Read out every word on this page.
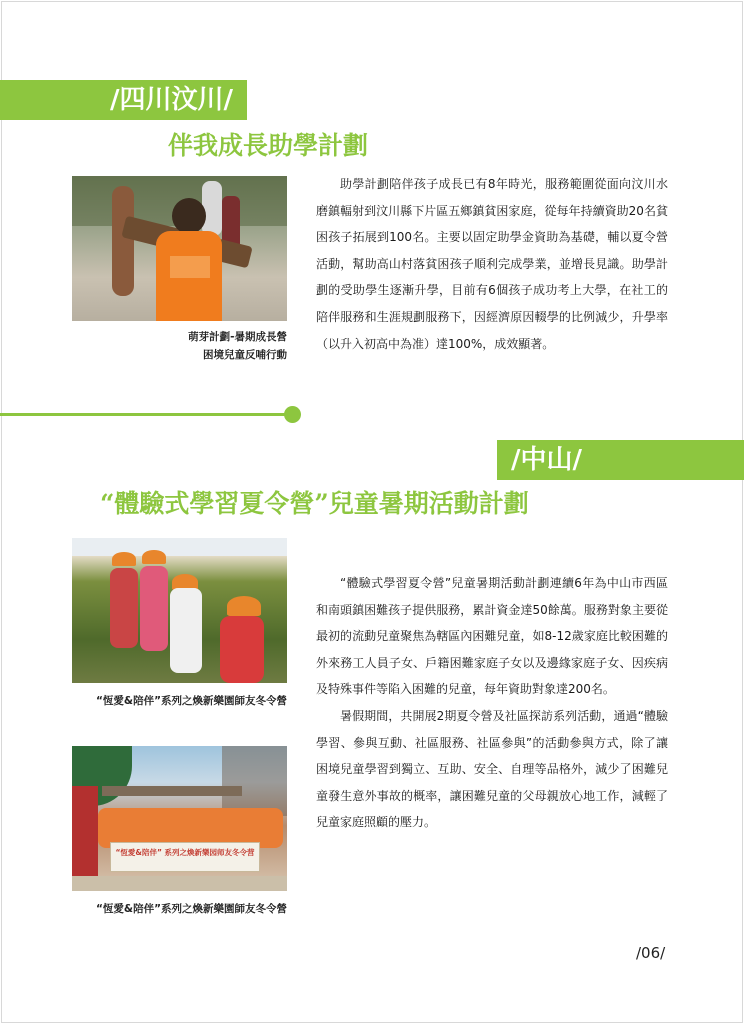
/四川汶川/
伴我成長助學計劃
萌芽計劃-暑期成長營
困境兒童反哺行動

助學計劃陪伴孩子成長已有8年時光，服務範圍從面向汶川水磨鎮輻射到汶川縣下片區五鄉鎮貧困家庭，從每年持續資助20名貧困孩子拓展到100名。主要以固定助學金資助為基礎，輔以夏令營活動，幫助高山村落貧困孩子順利完成學業，並增長見識。助學計劃的受助學生逐漸升學，目前有6個孩子成功考上大學，在社工的陪伴服務和生涯規劃服務下，因經濟原因輟學的比例減少，升學率（以升入初高中為准）達100%，成效顯著。

/中山/
“體驗式學習夏令營”兒童暑期活動計劃
“恆愛&陪伴”系列之煥新樂園師友冬令營
“恆愛&陪伴” 系列之煥新樂园师友冬令营
“恆愛&陪伴”系列之煥新樂園師友冬令營

“體驗式學習夏令營”兒童暑期活動計劃連續6年為中山市西區和南頭鎮困難孩子提供服務，累計資金達50餘萬。服務對象主要從最初的流動兒童聚焦為轄區內困難兒童，如8-12歲家庭比較困難的外來務工人員子女、戶籍困難家庭子女以及邊緣家庭子女、因疾病及特殊事件等陷入困難的兒童，每年資助對象達200名。

暑假期間，共開展2期夏令營及社區探訪系列活動，通過“體驗學習、參與互動、社區服務、社區參與”的活動參與方式，除了讓困境兒童學習到獨立、互助、安全、自理等品格外，減少了困難兒童發生意外事故的概率，讓困難兒童的父母親放心地工作，減輕了兒童家庭照顧的壓力。

/06/
